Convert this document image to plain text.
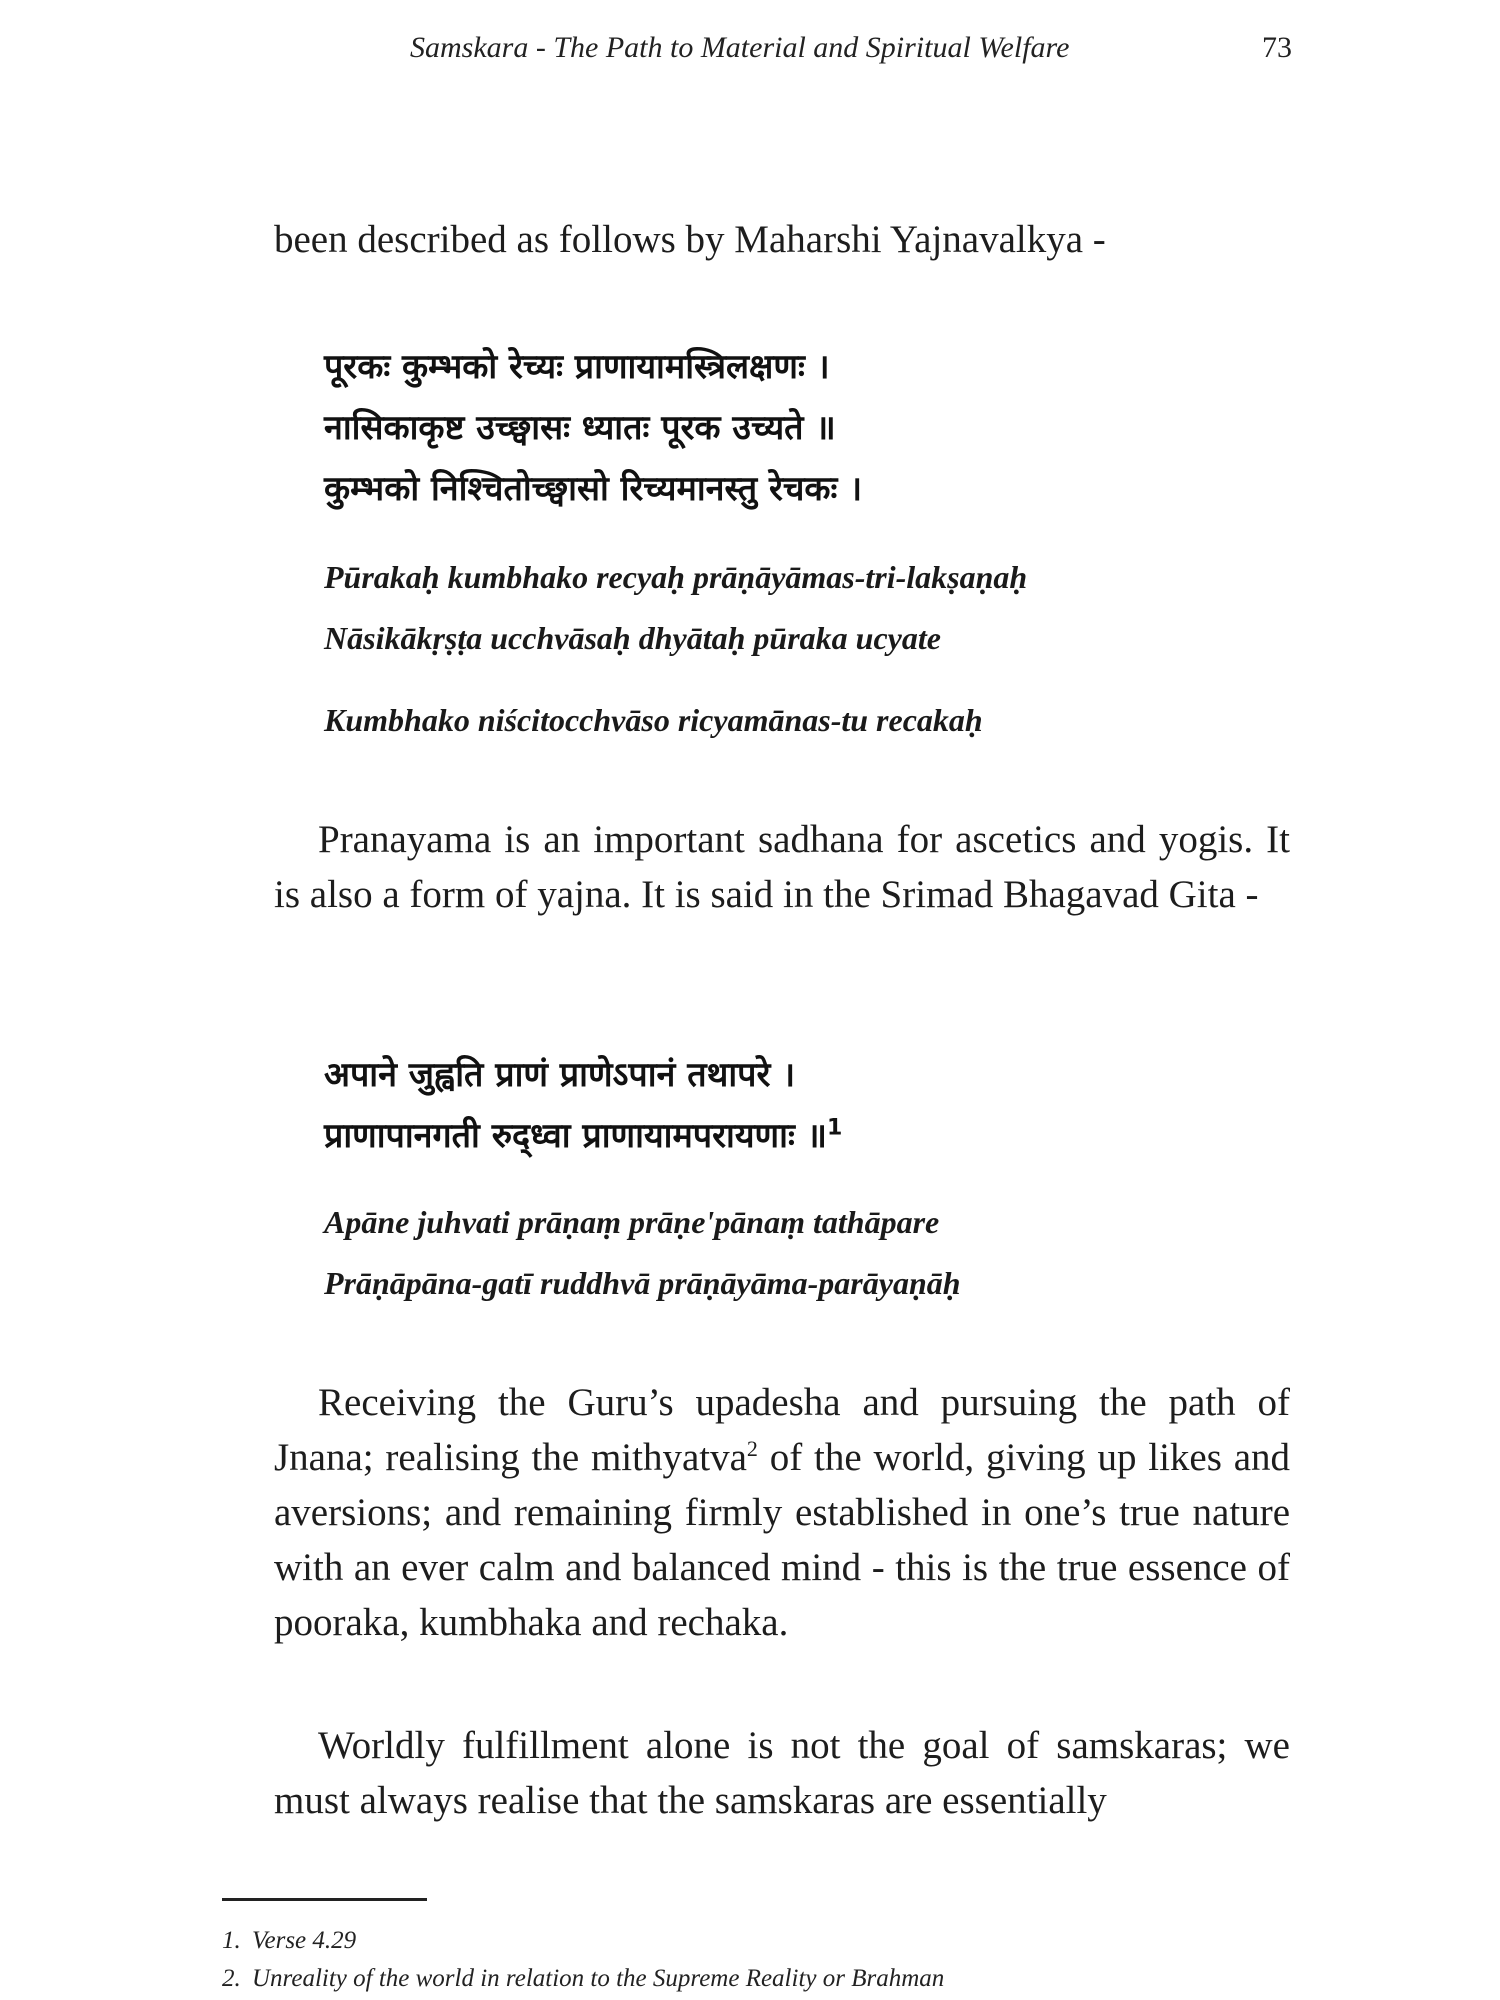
Samskara - The Path to Material and Spiritual Welfare	73

been described as follows by Maharshi Yajnavalkya -

पूरकः कुम्भको रेच्यः प्राणायामस्त्रिलक्षणः ।
नासिकाकृष्ट उच्छ्वासः ध्यातः पूरक उच्यते ॥
कुम्भको निश्चितोच्छ्वासो रिच्यमानस्तु रेचकः ।
Pūrakaḥ kumbhako recyaḥ prāṇāyāmas-tri-lakṣaṇaḥ
Nāsikākṛṣṭa ucchvāsaḥ dhyātaḥ pūraka ucyate
Kumbhako niścitocchvāso ricyamānas-tu recakaḥ

Pranayama is an important sadhana for ascetics and yogis. It is also a form of yajna. It is said in the Srimad Bhagavad Gita -

अपाने जुह्वति प्राणं प्राणेऽपानं तथापरे ।
प्राणापानगती रुद्ध्वा प्राणायामपरायणाः ॥$^1$
Apāne juhvati prāṇaṃ prāṇe'pānaṃ tathāpare
Prāṇāpāna-gatī ruddhvā prāṇāyāma-parāyaṇāḥ

Receiving the Guru’s upadesha and pursuing the path of Jnana; realising the mithyatva$^2$ of the world, giving up likes and aversions; and remaining firmly established in one’s true nature with an ever calm and balanced mind - this is the true essence of pooraka, kumbhaka and rechaka.

Worldly fulfillment alone is not the goal of samskaras; we must always realise that the samskaras are essentially

1. Verse 4.29
2. Unreality of the world in relation to the Supreme Reality or Brahman
